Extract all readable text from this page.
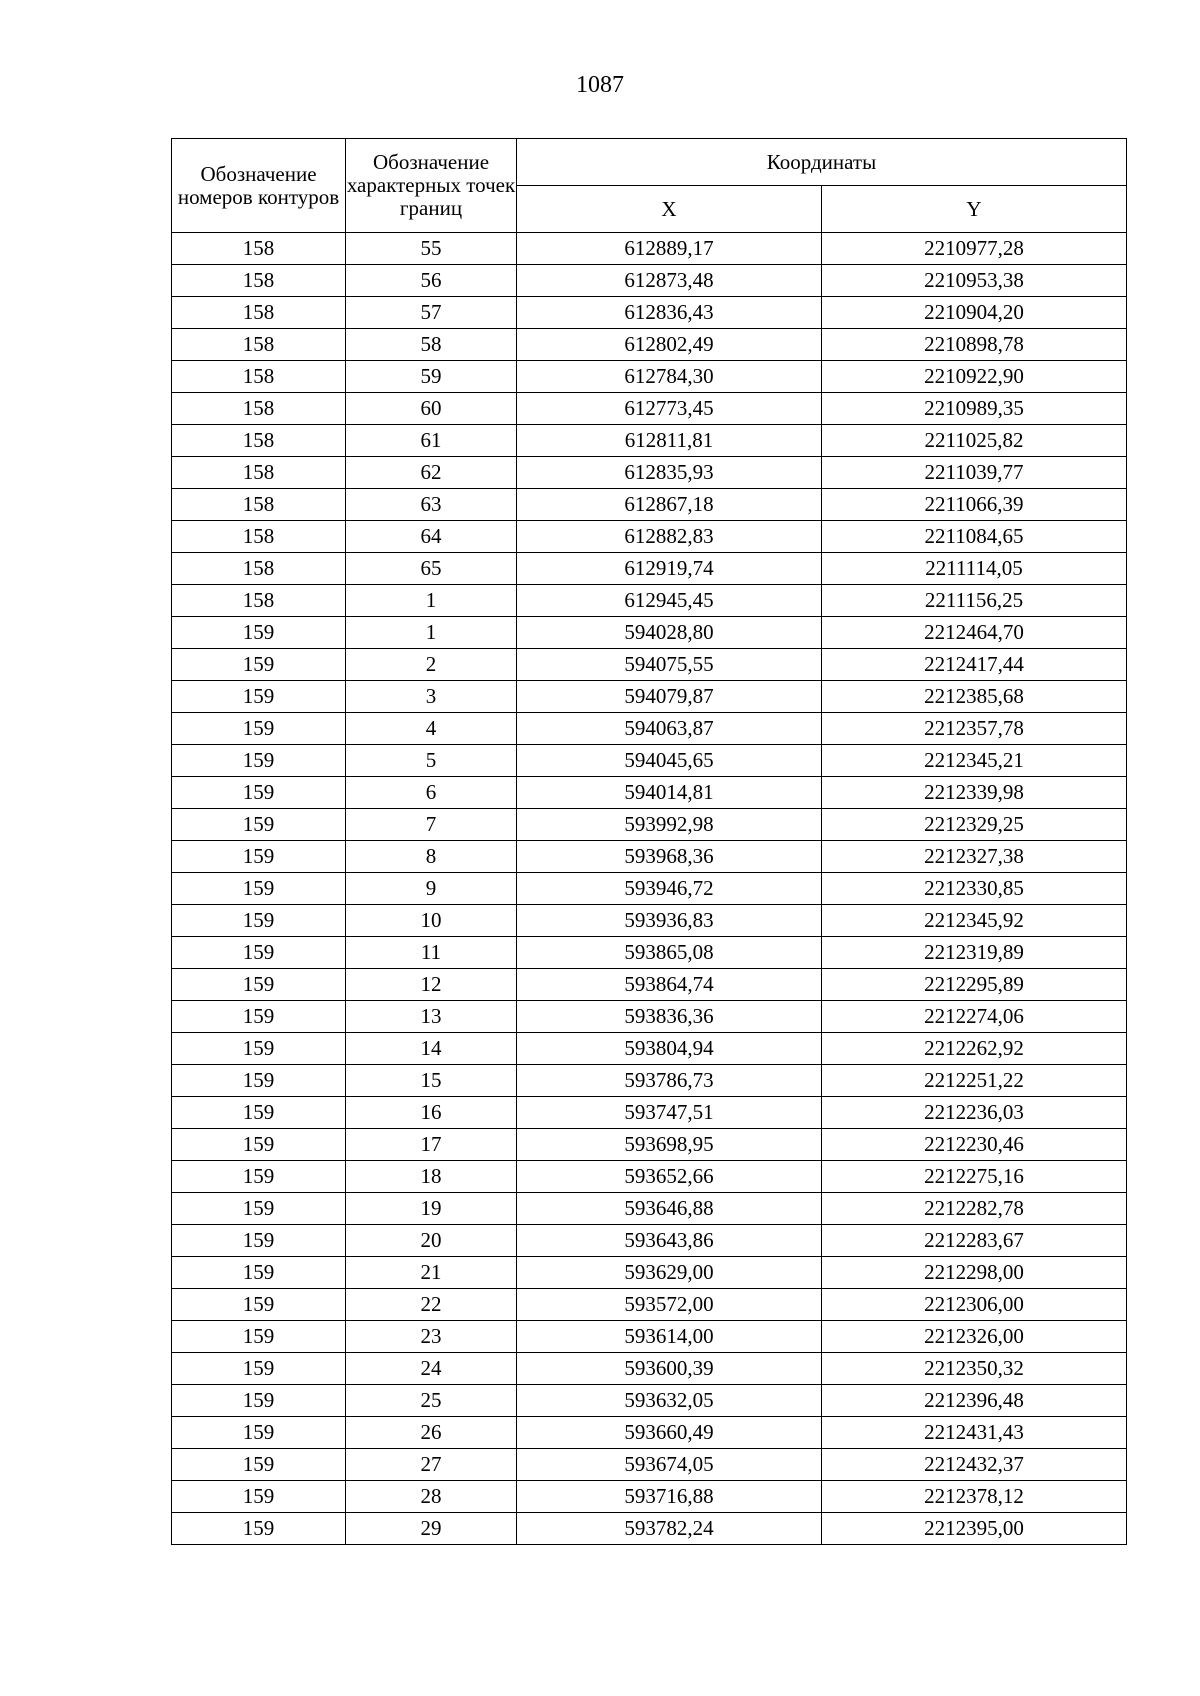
1087
Обозначение номеров контуров	Обозначение характерных точек границ	Координаты	
		X	Y
158	55	612889,17	2210977,28
158	56	612873,48	2210953,38
158	57	612836,43	2210904,20
158	58	612802,49	2210898,78
158	59	612784,30	2210922,90
158	60	612773,45	2210989,35
158	61	612811,81	2211025,82
158	62	612835,93	2211039,77
158	63	612867,18	2211066,39
158	64	612882,83	2211084,65
158	65	612919,74	2211114,05
158	1	612945,45	2211156,25
159	1	594028,80	2212464,70
159	2	594075,55	2212417,44
159	3	594079,87	2212385,68
159	4	594063,87	2212357,78
159	5	594045,65	2212345,21
159	6	594014,81	2212339,98
159	7	593992,98	2212329,25
159	8	593968,36	2212327,38
159	9	593946,72	2212330,85
159	10	593936,83	2212345,92
159	11	593865,08	2212319,89
159	12	593864,74	2212295,89
159	13	593836,36	2212274,06
159	14	593804,94	2212262,92
159	15	593786,73	2212251,22
159	16	593747,51	2212236,03
159	17	593698,95	2212230,46
159	18	593652,66	2212275,16
159	19	593646,88	2212282,78
159	20	593643,86	2212283,67
159	21	593629,00	2212298,00
159	22	593572,00	2212306,00
159	23	593614,00	2212326,00
159	24	593600,39	2212350,32
159	25	593632,05	2212396,48
159	26	593660,49	2212431,43
159	27	593674,05	2212432,37
159	28	593716,88	2212378,12
159	29	593782,24	2212395,00
